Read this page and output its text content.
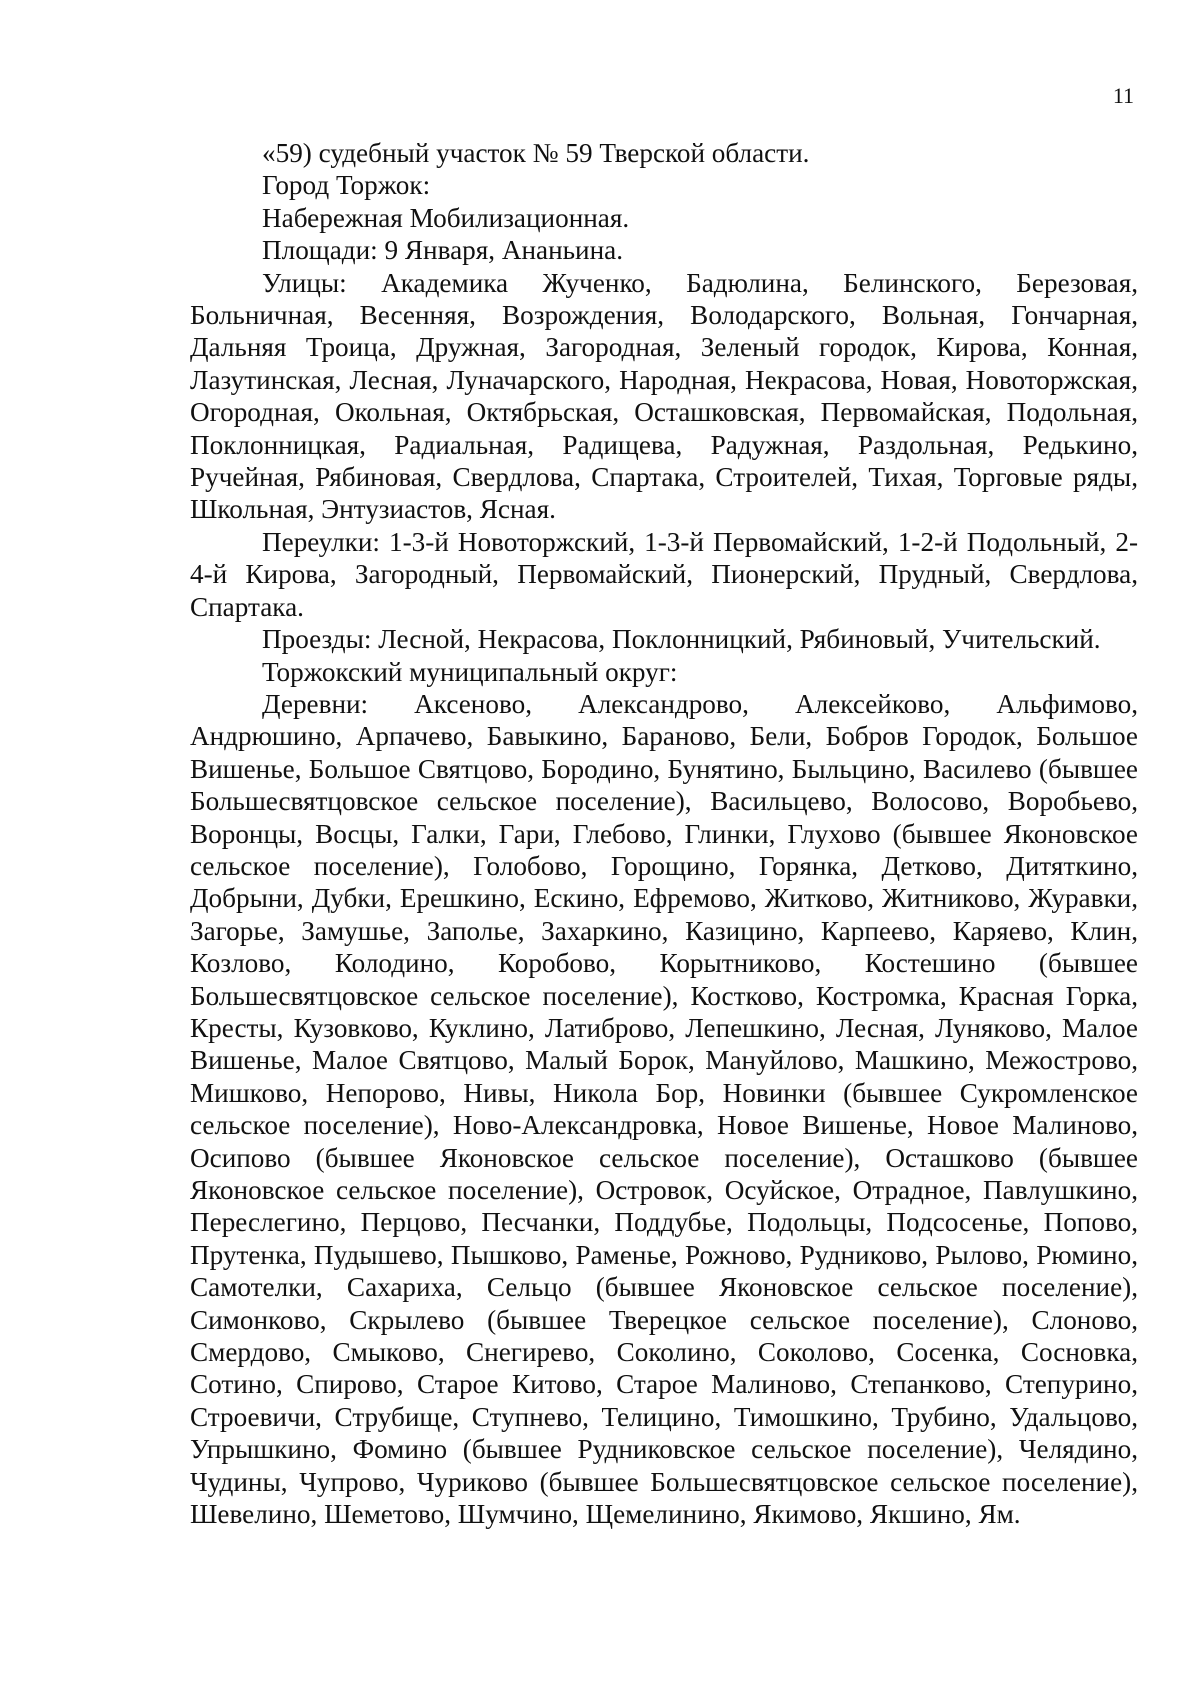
11

«59) судебный участок № 59 Тверской области.

Город Торжок:

Набережная Мобилизационная.

Площади: 9 Января, Ананьина.

Улицы: Академика Жученко, Бадюлина, Белинского, Березовая, Больничная, Весенняя, Возрождения, Володарского, Вольная, Гончарная, Дальняя Троица, Дружная, Загородная, Зеленый городок, Кирова, Конная, Лазутинская, Лесная, Луначарского, Народная, Некрасова, Новая, Новоторжская, Огородная, Окольная, Октябрьская, Осташковская, Первомайская, Подольная, Поклонницкая, Радиальная, Радищева, Радужная, Раздольная, Редькино, Ручейная, Рябиновая, Свердлова, Спартака, Строителей, Тихая, Торговые ряды, Школьная, Энтузиастов, Ясная.

Переулки: 1-3-й Новоторжский, 1-3-й Первомайский, 1-2-й Подольный, 2-4-й Кирова, Загородный, Первомайский, Пионерский, Прудный, Свердлова, Спартака.

Проезды: Лесной, Некрасова, Поклонницкий, Рябиновый, Учительский.

Торжокский муниципальный округ:

Деревни: Аксеново, Александрово, Алексейково, Альфимово, Андрюшино, Арпачево, Бавыкино, Бараново, Бели, Бобров Городок, Большое Вишенье, Большое Святцово, Бородино, Бунятино, Быльцино, Василево (бывшее Большесвятцовское сельское поселение), Васильцево, Волосово, Воробьево, Воронцы, Восцы, Галки, Гари, Глебово, Глинки, Глухово (бывшее Яконовское сельское поселение), Голобово, Горощино, Горянка, Детково, Дитяткино, Добрыни, Дубки, Ерешкино, Ескино, Ефремово, Житково, Житниково, Журавки, Загорье, Замушье, Заполье, Захаркино, Казицино, Карпеево, Каряево, Клин, Козлово, Колодино, Коробово, Корытниково, Костешино (бывшее Большесвятцовское сельское поселение), Костково, Костромка, Красная Горка, Кресты, Кузовково, Куклино, Латиброво, Лепешкино, Лесная, Луняково, Малое Вишенье, Малое Святцово, Малый Борок, Мануйлово, Машкино, Межострово, Мишково, Непорово, Нивы, Никола Бор, Новинки (бывшее Сукромленское сельское поселение), Ново-Александровка, Новое Вишенье, Новое Малиново, Осипово (бывшее Яконовское сельское поселение), Осташково (бывшее Яконовское сельское поселение), Островок, Осуйское, Отрадное, Павлушкино, Переслегино, Перцово, Песчанки, Поддубье, Подольцы, Подсосенье, Попово, Прутенка, Пудышево, Пышково, Раменье, Рожново, Рудниково, Рылово, Рюмино, Самотелки, Сахариха, Сельцо (бывшее Яконовское сельское поселение), Симонково, Скрылево (бывшее Тверецкое сельское поселение), Слоново, Смердово, Смыково, Снегирево, Соколино, Соколово, Сосенка, Сосновка, Сотино, Спирово, Старое Китово, Старое Малиново, Степанково, Степурино, Строевичи, Струбище, Ступнево, Телицино, Тимошкино, Трубино, Удальцово, Упрышкино, Фомино (бывшее Рудниковское сельское поселение), Челядино, Чудины, Чупрово, Чуриково (бывшее Большесвятцовское сельское поселение), Шевелино, Шеметово, Шумчино, Щемелинино, Якимово, Якшино, Ям.
